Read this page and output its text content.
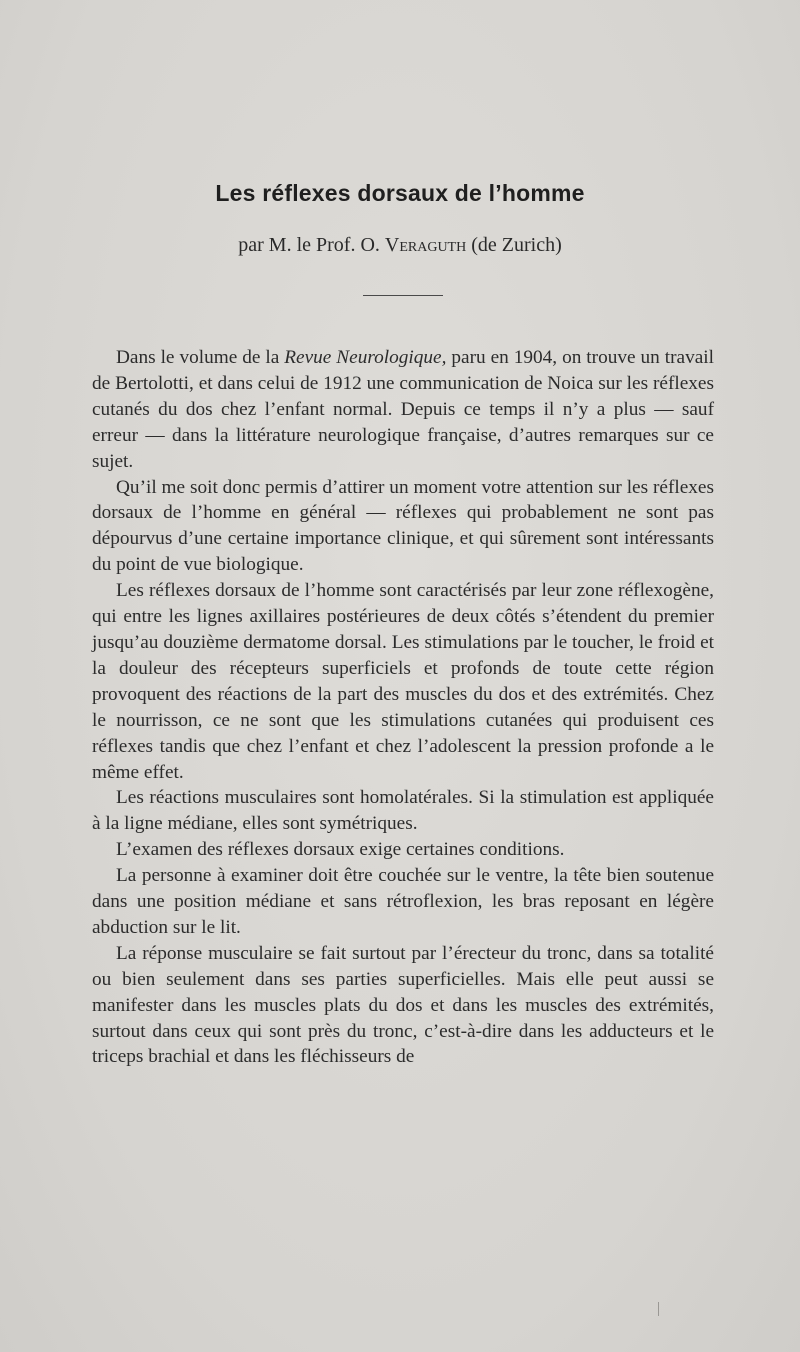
Les réflexes dorsaux de l’homme
par M. le Prof. O. Veraguth (de Zurich)

Dans le volume de la Revue Neurologique, paru en 1904, on trouve un travail de Bertolotti, et dans celui de 1912 une communication de Noica sur les réflexes cutanés du dos chez l’enfant normal. Depuis ce temps il n’y a plus — sauf erreur — dans la littérature neurologique française, d’autres remarques sur ce sujet.

Qu’il me soit donc permis d’attirer un moment votre attention sur les réflexes dorsaux de l’homme en général — réflexes qui probablement ne sont pas dépourvus d’une certaine importance clinique, et qui sûrement sont intéressants du point de vue biologique.

Les réflexes dorsaux de l’homme sont caractérisés par leur zone réflexogène, qui entre les lignes axillaires postérieures de deux côtés s’étendent du premier jusqu’au douzième dermatome dorsal. Les stimulations par le toucher, le froid et la douleur des récepteurs superficiels et profonds de toute cette région provoquent des réactions de la part des muscles du dos et des extrémités. Chez le nourrisson, ce ne sont que les stimulations cutanées qui produisent ces réflexes tandis que chez l’enfant et chez l’adolescent la pression profonde a le même effet.

Les réactions musculaires sont homolatérales. Si la stimulation est appliquée à la ligne médiane, elles sont symétriques.

L’examen des réflexes dorsaux exige certaines conditions.

La personne à examiner doit être couchée sur le ventre, la tête bien soutenue dans une position médiane et sans rétroflexion, les bras reposant en légère abduction sur le lit.

La réponse musculaire se fait surtout par l’érecteur du tronc, dans sa totalité ou bien seulement dans ses parties superficielles. Mais elle peut aussi se manifester dans les muscles plats du dos et dans les muscles des extrémités, surtout dans ceux qui sont près du tronc, c’est-à-dire dans les adducteurs et le triceps brachial et dans les fléchisseurs de
